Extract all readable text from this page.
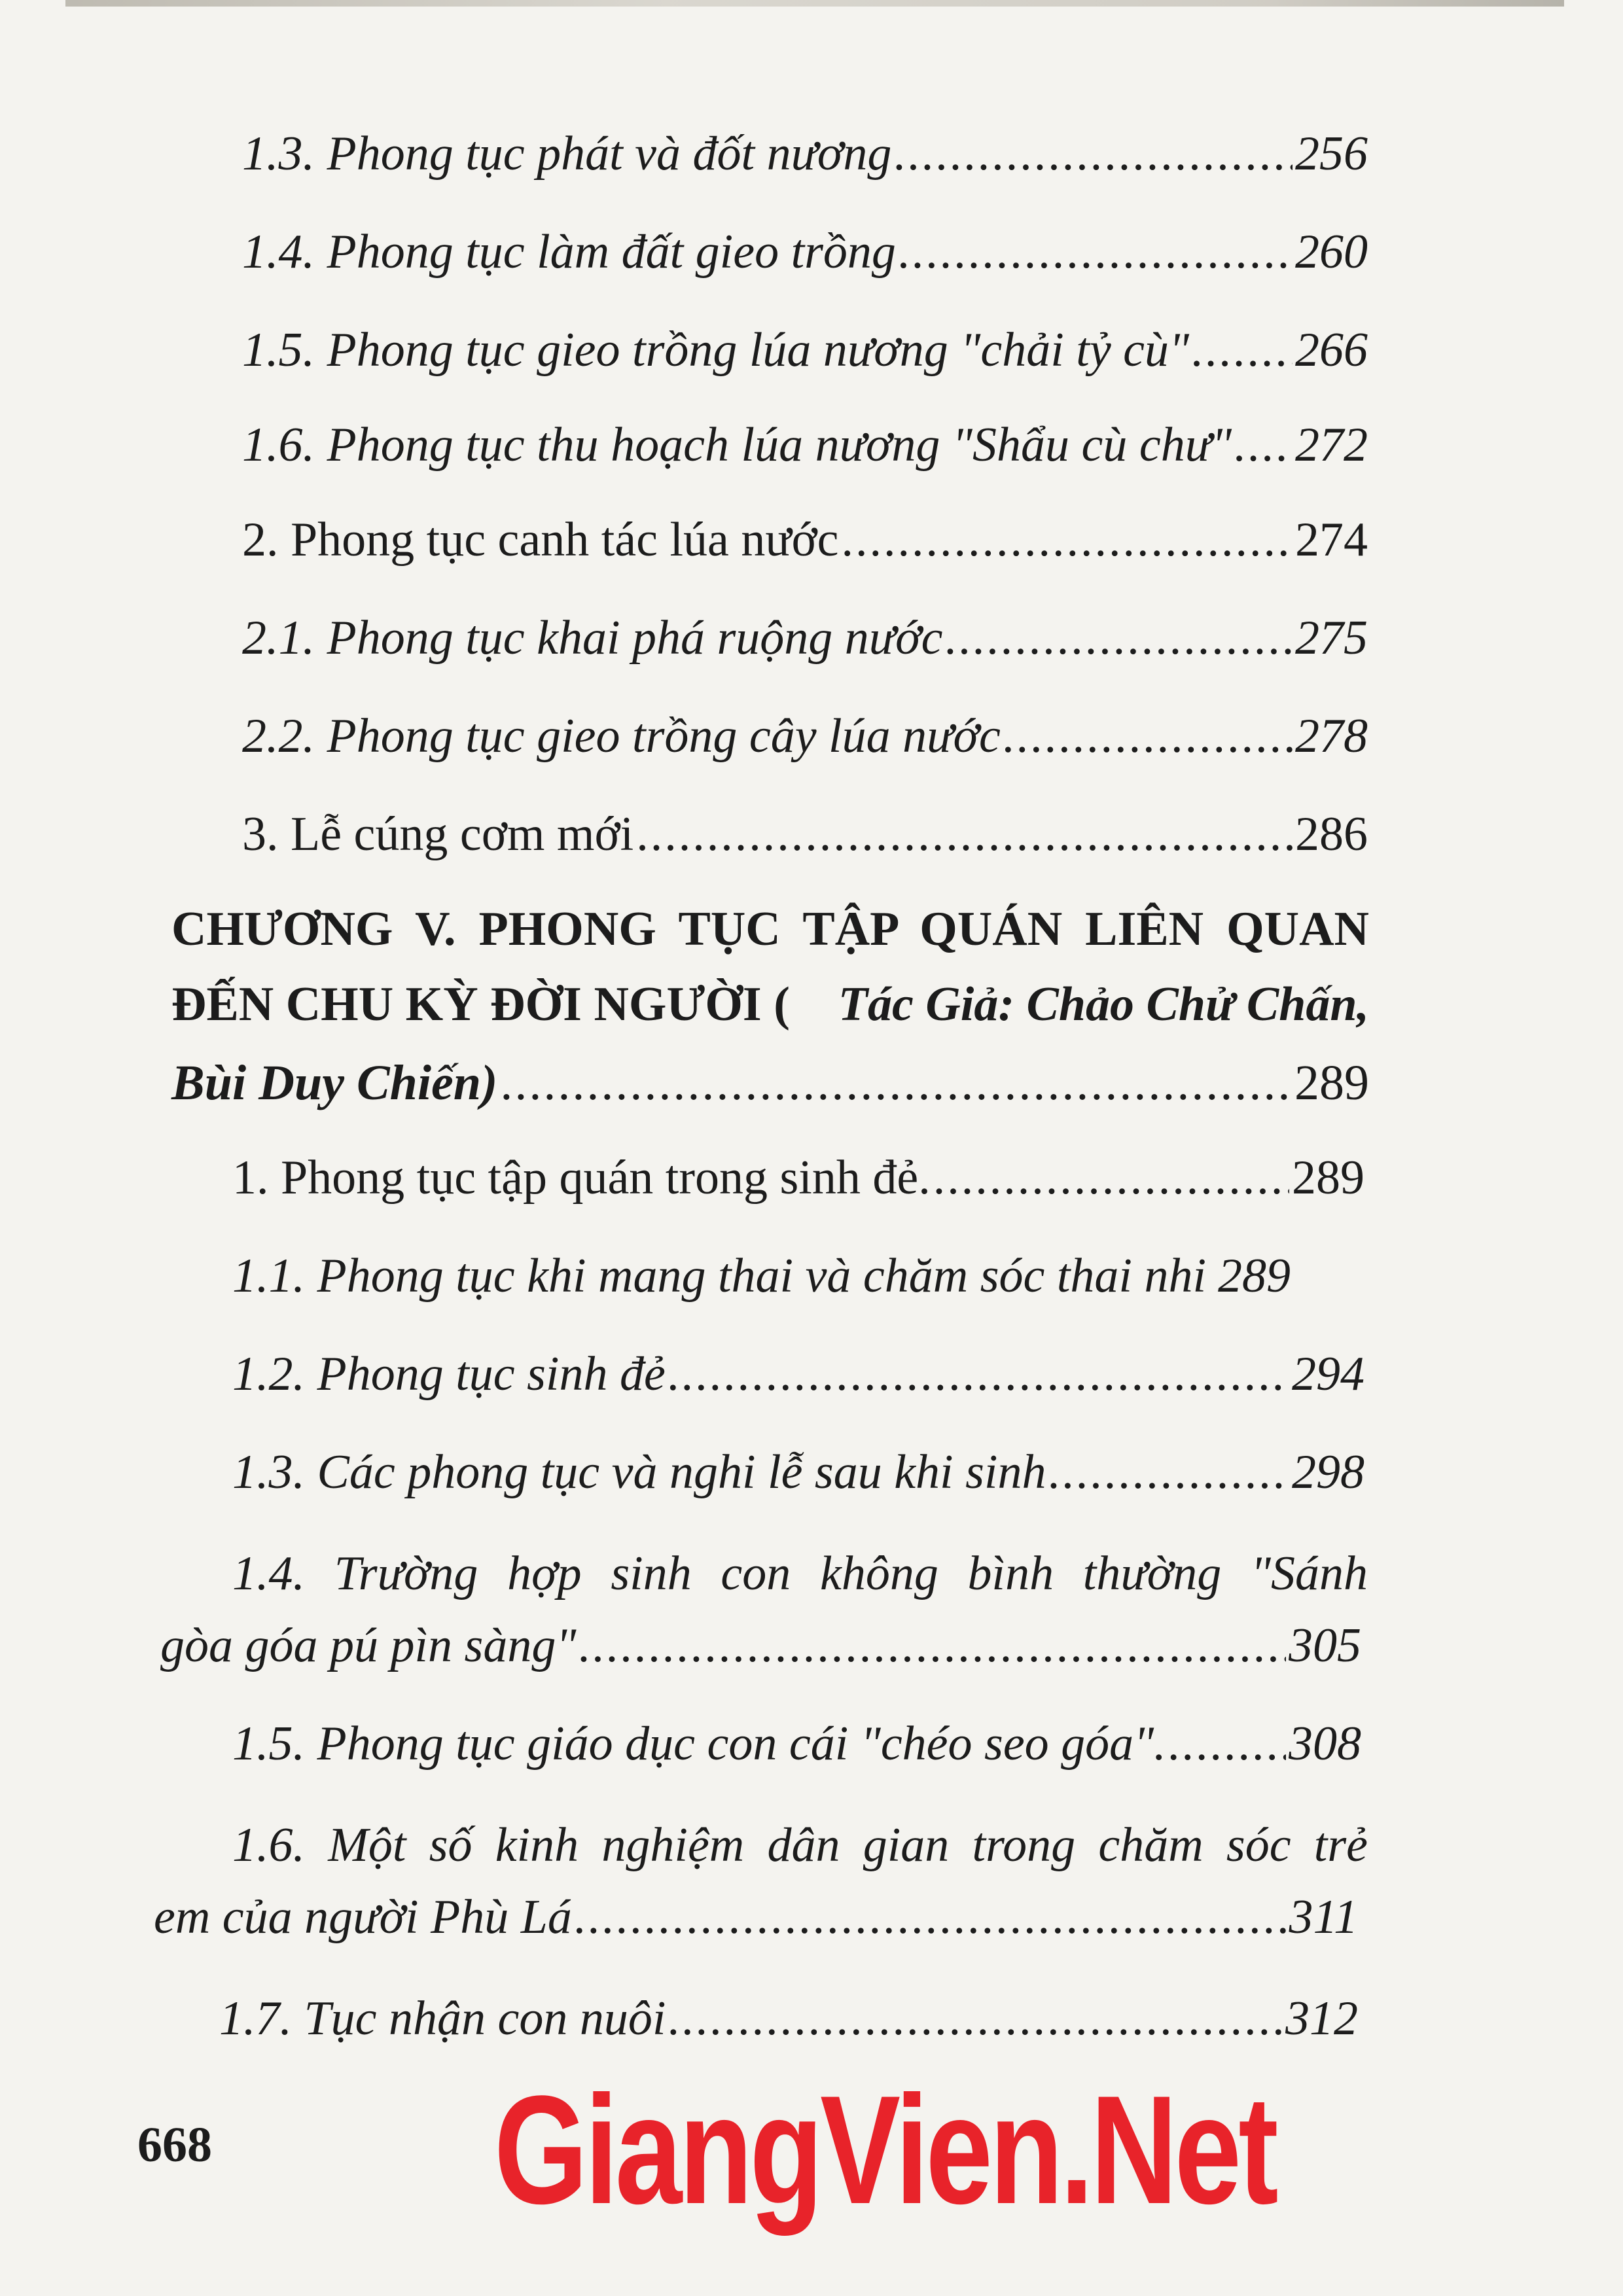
1.3. Phong tục phát và đốt nương .....	256
1.4. Phong tục làm đất gieo trồng .....	260
1.5. Phong tục gieo trồng lúa nương "chải tỷ cù" ..... 266
1.6. Phong tục thu hoạch lúa nương "Shẩu cù chư" ..... 272
2. Phong tục canh tác lúa nước .....	274
2.1. Phong tục khai phá ruộng nước .....	275
2.2. Phong tục gieo trồng cây lúa nước .....	278
3. Lễ cúng cơm mới .....	286
CHƯƠNG V. PHONG TỤC TẬP QUÁN LIÊN QUAN
ĐẾN CHU KỲ ĐỜI NGƯỜI ( Tác Giả: Chảo Chử Chấn,
Bùi Duy Chiến) .....	289
1. Phong tục tập quán trong sinh đẻ. .....	289
1.1. Phong tục khi mang thai và chăm sóc thai nhi 289
1.2. Phong tục sinh đẻ .....	294
1.3. Các phong tục và nghi lễ sau khi sinh .....	298
1.4. Trường hợp sinh con không bình thường "Sánh
gòa góa pú pìn sàng" .....	305
1.5. Phong tục giáo dục con cái "chéo seo góa". .....	308
1.6. Một số kinh nghiệm dân gian trong chăm sóc trẻ
em của người Phù Lá .....	311
1.7. Tục nhận con nuôi .....	312
668 GiangVien.Net
